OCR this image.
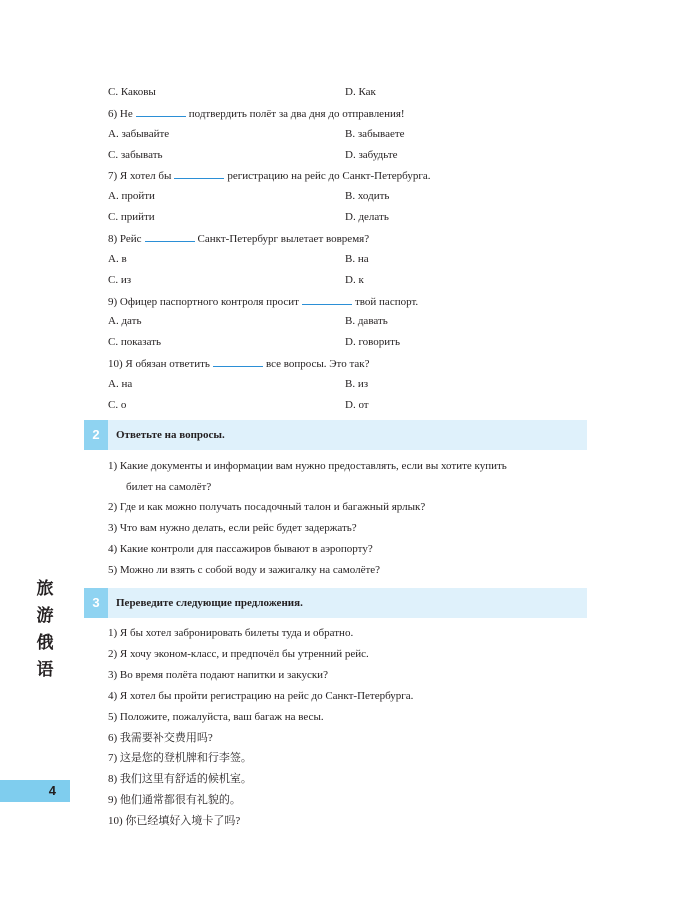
C. Каковы	D. Как
6) Не	подтвердить полёт за два дня до отправления!
A. забывайте	B. забываете
C. забывать	D. забудьте
7) Я хотел бы	регистрацию на рейс до Санкт-Петербурга.
A. пройти	B. ходить
C. прийти	D. делать
8) Рейс	Санкт-Петербург вылетает вовремя?
A. в	B. на
C. из	D. к
9) Офицер паспортного контроля просит	твой паспорт.
A. дать	B. давать
C. показать	D. говорить
10) Я обязан ответить	все вопросы. Это так?
A. на	B. из
C. о	D. от
2	Ответьте на вопросы.
1) Какие документы и информации вам нужно предоставлять, если вы хотите купить
билет на самолёт?
2) Где и как можно получать посадочный талон и багажный ярлык?
3) Что вам нужно делать, если рейс будет задержать?
4) Какие контроли для пассажиров бывают в аэропорту?
5) Можно ли взять с собой воду и зажигалку на самолёте?
3	Переведите следующие предложения.
1) Я бы хотел забронировать билеты туда и обратно.
2) Я хочу эконом-класс, и предпочёл бы утренний рейс.
3) Во время полёта подают напитки и закуски?
4) Я хотел бы пройти регистрацию на рейс до Санкт-Петербурга.
5) Положите, пожалуйста, ваш багаж на весы.
6) 我需要补交费用吗?
7) 这是您的登机牌和行李签。
8) 我们这里有舒适的候机室。
9) 他们通常都很有礼貌的。
10) 你已经填好入境卡了吗?
旅
游
俄
语
4
